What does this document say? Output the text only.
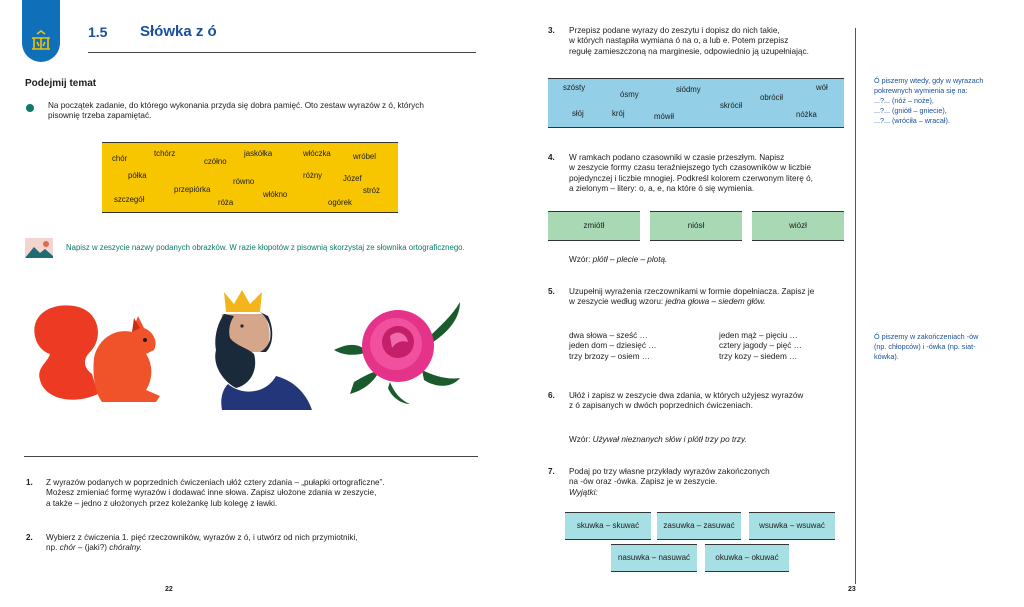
1.5 Słówka z ó
Podejmij temat
Na początek zadanie, do którego wykonania przyda się dobra pamięć. Oto zestaw wyrazów z ó, których
pisownię trzeba zapamiętać.
chór
tchórz
czółno
jaskółka	włóczka	wróbel
półka
równo
różny	Józef
przepiórka
szczegół
włókno	stróż
róża	ogórek
Napisz w zeszycie nazwy podanych obrazków. W razie kłopotów z pisownią skorzystaj ze słownika ortograficznego.
1. Z wyrazów podanych w poprzednich ćwiczeniach ułóż cztery zdania – „pułapki ortograficzne”.
Możesz zmieniać formę wyrazów i dodawać inne słowa. Zapisz ułożone zdania w zeszycie,
a także – jedno z ułożonych przez koleżankę lub kolegę z ławki.
2. Wybierz z ćwiczenia 1. pięć rzeczowników, wyrazów z ó, i utwórz od nich przymiotniki,
np. chór – (jaki?) chóralny.
22
3. Przepisz podane wyrazy do zeszytu i dopisz do nich takie,
w których nastąpiła wymiana ó na o, a lub e. Potem przepisz
regułę zamieszczoną na marginesie, odpowiednio ją uzupełniając.
szósty
ósmy
siódmy	wół
słój	krój	mówił
skrócił
obrócił
nóżka
4. W ramkach podano czasowniki w czasie przeszłym. Napisz
w zeszycie formy czasu teraźniejszego tych czasowników w liczbie
pojedynczej i liczbie mnogiej. Podkreśl kolorem czerwonym literę ó,
a zielonym – litery: o, a, e, na które ó się wymienia.
zmiótł	niósł	wiózł
Wzór: plótł – plecie – plotą.
5. Uzupełnij wyrażenia rzeczownikami w formie dopełniacza. Zapisz je
w zeszycie według wzoru: jedna głowa – siedem głów.
dwa słowa – sześć …
jeden dom – dziesięć …
trzy brzozy – osiem …
jeden mąż – pięciu …
cztery jagody – pięć …
trzy kozy – siedem …
6. Ułóż i zapisz w zeszycie dwa zdania, w których użyjesz wyrazów
z ó zapisanych w dwóch poprzednich ćwiczeniach.
Wzór: Używał nieznanych słów i plótł trzy po trzy.
7. Podaj po trzy własne przykłady wyrazów zakończonych
na -ów oraz -ówka. Zapisz je w zeszycie.
Wyjątki:
skuwka – skuwać	zasuwka – zasuwać	wsuwka – wsuwać
nasuwka – nasuwać	okuwka – okuwać
23
Ó piszemy wtedy, gdy w wyrazach
pokrewnych wymienia się na:
...?... (nóż – noże),
...?... (gniótł – gniecie),
...?... (wróciła – wracał).
Ó piszemy w zakończeniach -ów
(np. chłopców) i -ówka (np. siat-
kówka).
